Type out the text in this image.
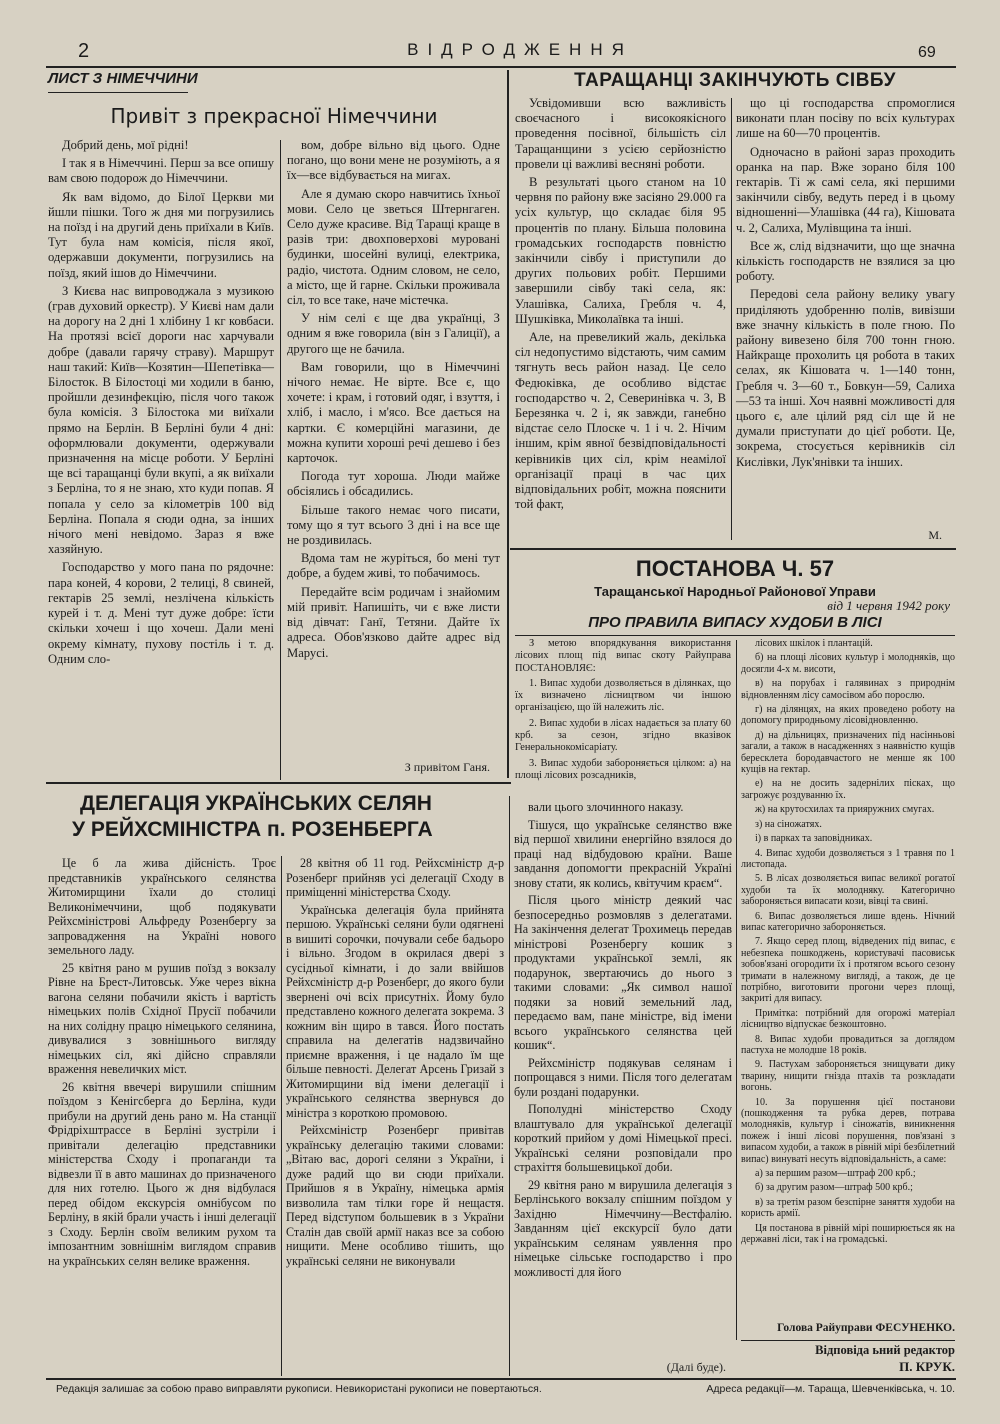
2	ВІДРОДЖЕННЯ	69
ЛИСТ З НІМЕЧЧИНИ
Привіт з прекрасної Німеччини

Добрий день, мої рідні!

І так я в Німеччині. Перш за все опишу вам свою подорож до Німеччини.

Як вам відомо, до Білої Церкви ми йшли пішки. Того ж дня ми погрузились на поїзд і на другий день приїхали в Київ. Тут була нам комісія, після якої, одержавши документи, погрузились на поїзд, який ішов до Німеччини.

З Києва нас випроводжала з музикою (грав духовий оркестр). У Києві нам дали на дорогу на 2 дні 1 хлібину 1 кг ковбаси. На протязі всієї дороги нас харчували добре (давали гарячу страву). Маршрут наш такий: Київ—Козятин—Шепетівка—Білосток. В Білостоці ми ходили в баню, пройшли дезинфекцію, після чого також була комісія. З Білостока ми виїхали прямо на Берлін. В Берліні були 4 дні: оформлювали документи, одержували призначення на місце роботи. У Берліні ще всі таращанці були вкупі, а як виїхали з Берліна, то я не знаю, хто куди попав. Я попала у село за кілометрів 100 від Берліна. Попала я сюди одна, за інших нічого мені невідомо. Зараз я вже хазяйную.

Господарство у мого пана по рядочне: пара коней, 4 корови, 2 телиці, 8 свиней, гектарів 25 землі, незлічена кількість курей і т. д. Мені тут дуже добре: їсти скільки хочеш і що хочеш. Дали мені окрему кімнату, пухову постіль і т. д. Одним сло-

вом, добре вільно від цього. Одне погано, що вони мене не розуміють, а я їх—все відбувається на мигах.

Але я думаю скоро навчитись їхньої мови. Село це зветься Штернгаген. Село дуже красиве. Від Таращі краще в разів три: двохповерхові муровані будинки, шосейні вулиці, електрика, радіо, чистота. Одним словом, не село, а місто, ще й гарне. Скільки проживала сіл, то все таке, наче містечка.

У нім селі є ще два українці, З одним я вже говорила (він з Галиції), а другого ще не бачила.

Вам говорили, що в Німеччині нічого немає. Не вірте. Все є, що хочете: і крам, і готовий одяг, і взуття, і хліб, і масло, і м'ясо. Все дається на картки. Є комерційні магазини, де можна купити хороші речі дешево і без карточок.

Погода тут хороша. Люди майже обсіялись і обсадились.

Більше такого немає чого писати, тому що я тут всього 3 дні і на все ще не роздивилась.

Вдома там не журіться, бо мені тут добре, а будем живі, то побачимось.

Передайте всім родичам і знайомим мій привіт. Напишіть, чи є вже листи від дівчат: Ганї, Тетяни. Дайте їх адреса. Обов'язково дайте адрес від Марусі.

З привітом Ганя.
ТАРАЩАНЦІ ЗАКІНЧУЮТЬ СІВБУ

Усвідомивши всю важливість своєчасного і високоякісного проведення посівної, більшість сіл Таращанщини з усією серйозністю провели ці важливі весняні роботи.

В результаті цього станом на 10 червня по району вже засіяно 29.000 га усіх культур, що складає біля 95 процентів по плану. Більша половина громадських господарств повністю закінчили сівбу і приступили до других польових робіт. Першими завершили сівбу такі села, як: Улашівка, Салиха, Гребля ч. 4, Шушківка, Миколаївка та інші.

Але, на превеликий жаль, декілька сіл недопустимо відстають, чим самим тягнуть весь район назад. Це село Федюківка, де особливо відстає господарство ч. 2, Северинівка ч. 3, В Березянка ч. 2 і, як завжди, ганебно відстає село Плоске ч. 1 і ч. 2. Нічим іншим, крім явної безвідповідальності керівників цих сіл, крім неамілої організації праці в час цих відповідальних робіт, можна пояснити той факт,

що ці господарства спромоглися виконати план посіву по всіх культурах лише на 60—70 процентів.

Одночасно в районі зараз проходить оранка на пар. Вже зорано біля 100 гектарів. Ті ж самі села, які першими закінчили сівбу, ведуть перед і в цьому відношенні—Улашівка (44 га), Кішовата ч. 2, Салиха, Мулівщина та інші.

Все ж, слід відзначити, що ще значна кількість господарств не взялися за цю роботу.

Передові села району велику увагу приділяють удобренню полів, вивізши вже значну кількість в поле гною. По району вивезено біля 700 тонн гною. Найкраще прохолить ця робота в таких селах, як Кішовата ч. 1—140 тонн, Гребля ч. 3—60 т., Бовкун—59, Салиха—53 та інші. Хоч наявні можливості для цього є, але цілий ряд сіл ще й не думали приступати до цієї роботи. Це, зокрема, стосується керівників сіл Кислівки, Лук'янівки та інших.

М.
ПОСТАНОВА Ч. 57
Таращанської Народньої Районової Управи
від 1 червня 1942 року
ПРО ПРАВИЛА ВИПАСУ ХУДОБИ В ЛІСІ

З метою впорядкування використання лісових площ під випас скоту Райуправа ПОСТАНОВЛЯЄ:

1. Випас худоби дозволяється в ділянках, що їх визначено лісництвом чи іншою організацією, що їй належить ліс.

2. Випас худоби в лісах надається за плату 60 крб. за сезон, згідно вказівок Генеральнокомісаріату.

3. Випас худоби забороняється цілком: а) на площі лісових розсадників,

лісових шкілок і плантацій.

б) на площі лісових культур і молодняків, що досягли 4-х м. висоти,

в) на порубах і галявинах з природнім відновленням лісу самосівом або порослю.

г) на ділянцях, на яких проведено роботу на допомогу природньому лісовідновленню.

д) на дільницях, призначених під насінньові загали, а також в насадженнях з наявністю кущів бересклета бородавчастого не менше як 100 кущів на гектар.

е) на не досить задернілих пісках, що загрожує роздуванню їх.

ж) на крутосхилах та прияружних смугах.

з) на сіножатях.

і) в парках та заповідниках.

4. Випас худоби дозволяється з 1 травня по 1 листопада.

5. В лісах дозволяється випас великої рогатої худоби та їх молодняку. Категорично забороняється випасати кози, вівці та свині.

6. Випас дозволяється лише вдень. Нічний випас категорично забороняється.

7. Якщо серед площ, відведених під випас, є небезпека пошкоджень, користувачі пасовиськ зобов'язані огородити їх і протягом всього сезону тримати в належному вигляді, а також, де це потрібно, виготовити прогони через площі, закриті для випасу.

Примітка: потрібний для огорожі матеріал лісництво відпускає безкоштовно.

8. Випас худоби провадиться за доглядом пастуха не молодше 18 років.

9. Пастухам забороняється знищувати дику тварину, нищити гнізда птахів та розкладати вогонь.

10. За порушення цієї постанови (пошкодження та рубка дерев, потрава молодняків, культур і сіножатів, виникнення пожеж і інші лісові порушення, пов'язані з випасом худоби, а також в рівній мірі безбілетний випас) винуваті несуть відповідальність, а саме:

а) за першим разом—штраф 200 крб.;

б) за другим разом—штраф 500 крб.;

в) за третім разом безспірне заняття худоби на користь армії.

Ця постанова в рівній мірі поширюється як на державні ліси, так і на громадські.

Голова Райуправи ФЕСУНЕНКО.
ДЕЛЕГАЦІЯ УКРАЇНСЬКИХ СЕЛЯН
У РЕЙХСМІНІСТРА п. РОЗЕНБЕРГА

Це б ла жива дійсність. Троє представників українського селянства Житомирщини їхали до столиці Великонімеччини, щоб подякувати Рейхсміністрові Альфреду Розенбергу за запровадження на Україні нового земельного ладу.

25 квітня рано м рушив поїзд з вокзалу Рівне на Брест-Литовськ. Уже через вікна вагона селяни побачили якість і вартість німецьких полів Східної Прусії побачили на них солідну працю німецького селянина, дивувалися з зовнішнього вигляду німецьких сіл, які дійсно справляли враження невеличких міст.

26 квітня ввечері вирушили спішним поїздом з Кенігсберга до Берліна, куди прибули на другий день рано м. На станції Фрідріхштрассе в Берліні зустріли і привітали делегацію представники міністерства Сходу і пропаганди та відвезли її в авто машинах до призначеного для них готелю. Цього ж дня відбулася перед обідом екскурсія омнібусом по Берліну, в якій брали участь і інші делегації з Сходу. Берлін своїм великим рухом та імпозантним зовнішнім виглядом справив на українських селян велике враження.

28 квітня об 11 год. Рейхсміністр д-р Розенберг прийняв усі делегації Сходу в приміщенні міністерства Сходу.

Українська делегація була прийнята першою. Українські селяни були одягнені в вишиті сорочки, почували себе бадьоро і вільно. Згодом в окрилася двері з сусідньої кімнати, і до зали ввійшов Рейхсміністр д-р Розенберг, до якого були звернені очі всіх присутніх. Йому було представлено кожного делегата зокрема. З кожним він щиро в тався. Його постать справила на делегатів надзвичайно приємне враження, і це надало їм ще більше певності. Делегат Арсень Гризай з Житомирщини від імени делегації і українського селянства звернувся до міністра з короткою промовою.

Рейхсміністр Розенберг привітав українську делегацію такими словами: „Вітаю вас, дорогі селяни з України, і дуже радий що ви сюди приїхали. Прийшов я в Україну, німецька армія визволила там тілки горе й нещастя. Перед відступом большевик в з України Сталін дав своїй армії наказ все за собою нищити. Мене особливо тішить, що українські селяни не виконували

вали цього злочинного наказу.

Тішуся, що українське селянство вже від першої хвилини енергійно взялося до праці над відбудовою країни. Ваше завдання допомогти прекрасній Україні знову стати, як колись, квітучим краєм“.

Після цього міністр деякий час безпосередньо розмовляв з делегатами. На закінчення делегат Трохимець передав міністрові Розенбергу кошик з продуктами української землі, як подарунок, звертаючись до нього з такими словами: „Як символ нашої подяки за новий земельний лад, передаємо вам, пане міністре, від імени всього українського селянства цей кошик“.

Рейхсміністр подякував селянам і попрощався з ними. Після того делегатам були роздані подарунки.

Пополудні міністерство Сходу влаштувало для української делегації короткий прийом у домі Німецької пресі. Українські селяни розповідали про страхіття большевицької доби.

29 квітня рано м вирушила делегація з Берлінського вокзалу спішним поїздом у Західню Німеччину—Вестфалію. Завданням цієї екскурсії було дати українським селянам уявлення про німецьке сільське господарство і про можливості для його

(Далі буде).
Відповіда ьний редактор
П. КРУК.
Редакція залишає за собою право виправляти рукописи. Невикористані рукописи не повертаються.	Адреса редакції—м. Тараща, Шевченківська, ч. 10.
